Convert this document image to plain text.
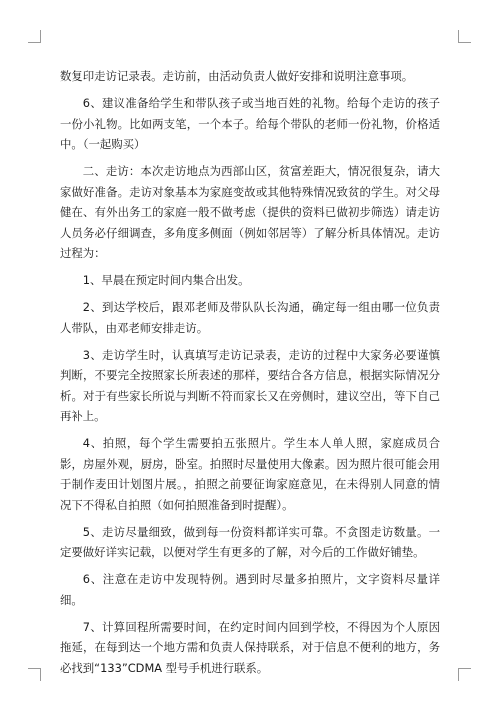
数复印走访记录表。走访前，由活动负责人做好安排和说明注意事项。

6、建议准备给学生和带队孩子或当地百姓的礼物。给每个走访的孩子一份小礼物。比如两支笔，一个本子。给每个带队的老师一份礼物，价格适中。（一起购买）

二、走访：本次走访地点为西部山区，贫富差距大，情况很复杂，请大家做好准备。走访对象基本为家庭变故或其他特殊情况致贫的学生。对父母健在、有外出务工的家庭一般不做考虑（提供的资料已做初步筛选）请走访人员务必仔细调查，多角度多侧面（例如邻居等）了解分析具体情况。走访过程为：

1、早晨在预定时间内集合出发。

2、到达学校后，跟邓老师及带队队长沟通，确定每一组由哪一位负责人带队，由邓老师安排走访。

3、走访学生时，认真填写走访记录表，走访的过程中大家务必要谨慎判断，不要完全按照家长所表述的那样，要结合各方信息，根据实际情况分析。对于有些家长所说与判断不符而家长又在旁侧时，建议空出，等下自己再补上。

4、拍照，每个学生需要拍五张照片。学生本人单人照，家庭成员合影，房屋外观，厨房，卧室。拍照时尽量使用大像素。因为照片很可能会用于制作麦田计划图片展。，拍照之前要征询家庭意见，在未得别人同意的情况下不得私自拍照（如何拍照准备到时提醒）。

5、走访尽量细致，做到每一份资料都详实可靠。不贪图走访数量。一定要做好详实记载，以便对学生有更多的了解，对今后的工作做好铺垫。

6、注意在走访中发现特例。遇到时尽量多拍照片，文字资料尽量详细。

7、计算回程所需要时间，在约定时间内回到学校，不得因为个人原因拖延，在每到达一个地方需和负责人保持联系，对于信息不便利的地方，务必找到“133”CDMA 型号手机进行联系。
